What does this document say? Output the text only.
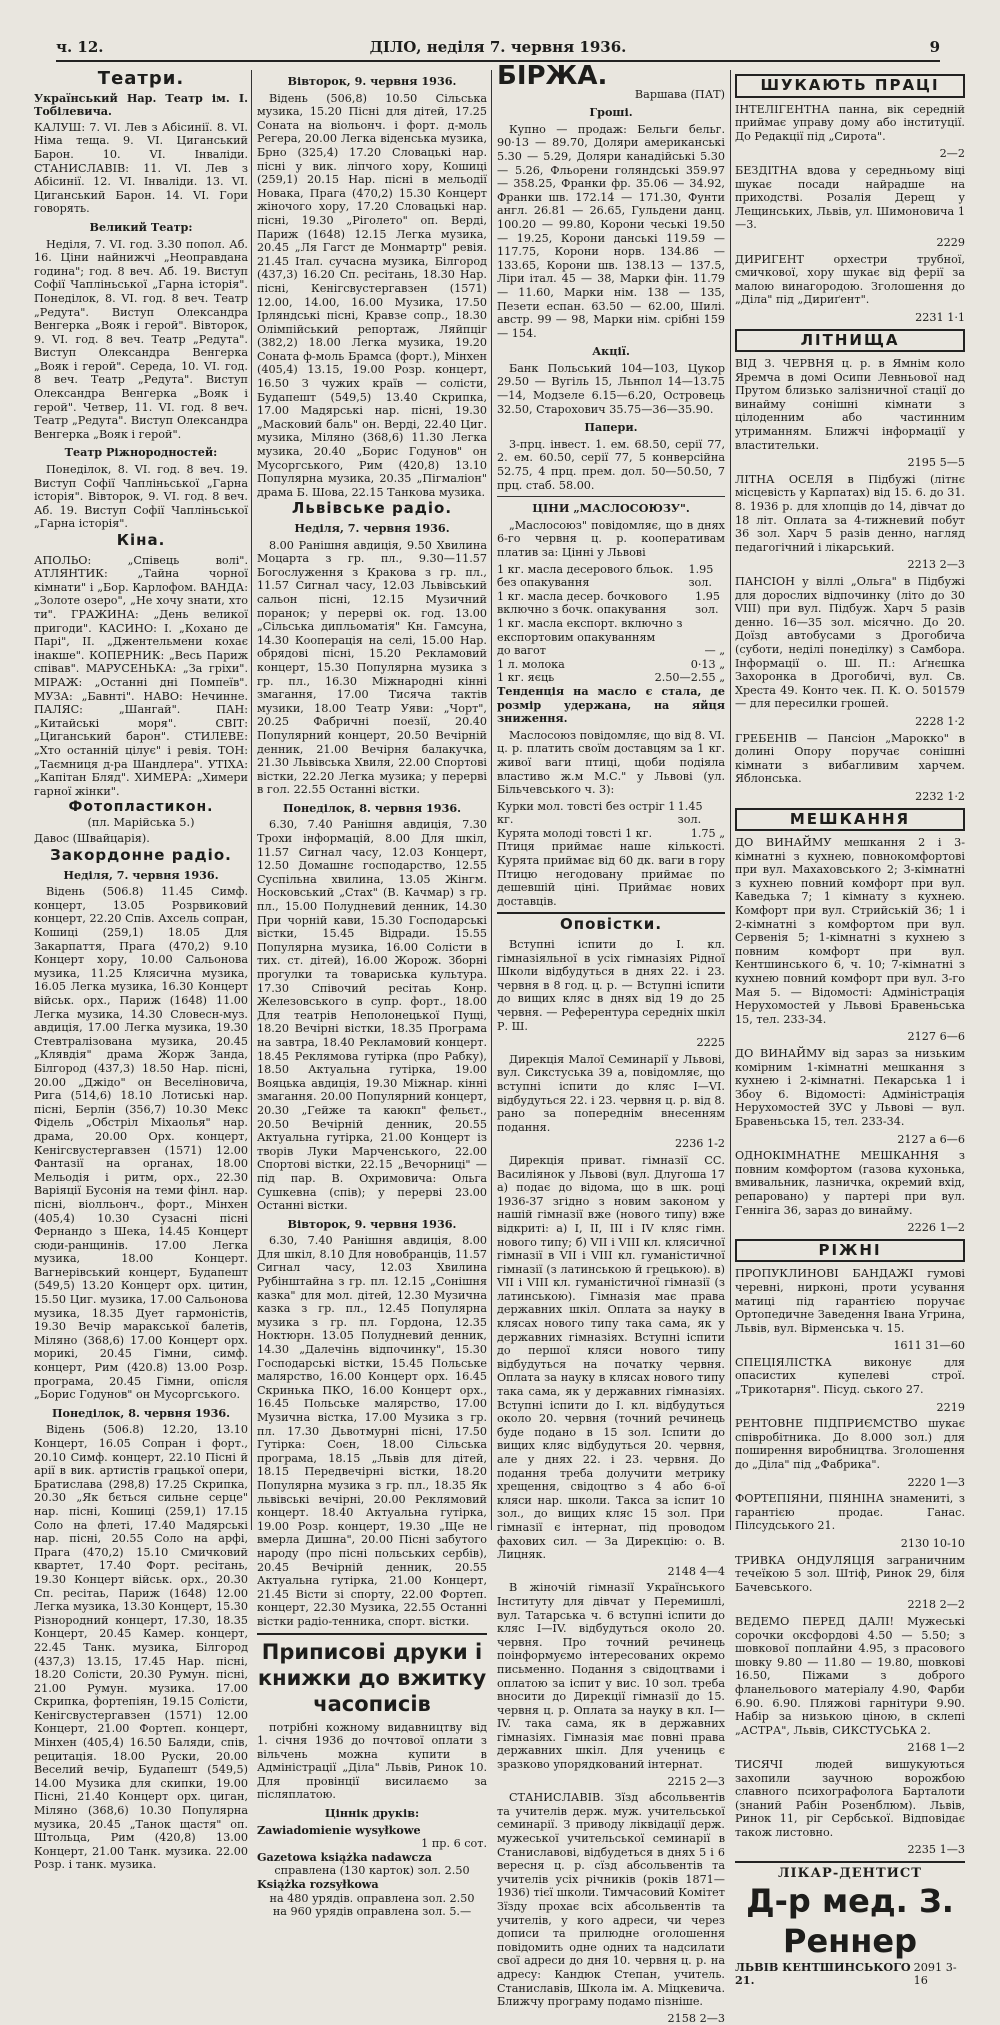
ч. 12.	ДІЛО, неділя 7. червня 1936.	9
Театри.

Український Нар. Театр ім. І. Тобілевича.

КАЛУШ: 7. VI. Лев з Абісинії. 8. VI. Німа теща. 9. VI. Циганський Барон. 10. VI. Інваліди. СТАНИСЛАВІВ: 11. VI. Лев з Абісинії. 12. VI. Інваліди. 13. VI. Циганський Барон. 14. VI. Гори говорять.

Великий Театр:

Неділя, 7. VI. год. 3.30 попол. Аб. 16. Ціни найнижчі „Неоправдана година"; год. 8 веч. Аб. 19. Виступ Софії Чапліньської „Гарна історія". Понеділок, 8. VI. год. 8 веч. Театр „Редута". Виступ Олександра Венгерка „Вояк і герой". Вівторок, 9. VI. год. 8 веч. Театр „Редута". Виступ Олександра Венгерка „Вояк і герой". Середа, 10. VI. год. 8 веч. Театр „Редута". Виступ Олександра Венгерка „Вояк і герой". Четвер, 11. VI. год. 8 веч. Театр „Редута". Виступ Олександра Венгерка „Вояк і герой".

Театр Ріжнородностей:

Понеділок, 8. VI. год. 8 веч. 19. Виступ Софії Чапліньської „Гарна історія". Вівторок, 9. VI. год. 8 веч. Аб. 19. Виступ Софії Чапліньської „Гарна історія".

Кіна.

АПОЛЬО: „Співець волі". АТЛЯНТИК: „Тайна чорної кімнати" і „Бор. Карлофом. ВАНДА: „Золоте озеро", „Не хочу знати, хто ти". ГРАЖИНА: „День великої пригоди". КАСИНО: І. „Кохано де Парі", II. „Джентельмени кохає інакше". КОПЕРНИК: „Весь Париж співав". МАРУСЕНЬКА: „За гріхи". МІРАЖ: „Останні дні Помпеїв". МУЗА: „Бавнті". НАВО: Нечинне. ПАЛЯС: „Шангай". ПАН: „Китайські моря". СВІТ: „Циганський барон". СТИЛЕВЕ: „Хто останній цілує" і ревія. ТОН: „Таємниця д-ра Шандлера". УТІХА: „Капітан Бляд". ХИМЕРА: „Химери гарної жінки".

Фотопластикон.

(пл. Марійська 5.)

Давос (Швайцарія).

Закордонне радіо.

Неділя, 7. червня 1936.

Відень (506.8) 11.45 Симф. концерт, 13.05 Розрвиковий концерт, 22.20 Спів. Ахсель сопран, Кошиці (259,1) 18.05 Для Закарпаття, Прага (470,2) 9.10 Концерт хору, 10.00 Сальонова музика, 11.25 Клясична музика, 16.05 Легка музика, 16.30 Концерт військ. орх., Париж (1648) 11.00 Легка музика, 14.30 Словесн-муз. авдиція, 17.00 Легка музика, 19.30 Стевтралізована музика, 20.45 „Клявдія" драма Жорж Занда, Білгород (437,3) 18.50 Нар. пісні, 20.00 „Джідо" он Веселіновича, Рига (514,6) 18.10 Лотиські нар. пісні, Берлін (356,7) 10.30 Мекс Фідель „Обстріл Міхаолья" нар. драма, 20.00 Орх. концерт, Кенігсвустергавзен (1571) 12.00 Фантазії на органах, 18.00 Мельодія і ритм, орх., 22.30 Варіяції Бусонія на теми фінл. нар. пісні, віолльонч., форт., Мінхен (405,4) 10.30 Сузасні пісні Фернандо з Шека, 14.45 Концерт сюди-ранщинів. 17.00 Легка музика, 18.00 Концерт. Вагнерівський концерт, Будапешт (549,5) 13.20 Концерт орх. цитин, 15.50 Циг. музика, 17.00 Сальонова музика, 18.35 Дует гармоністів, 19.30 Вечір маракської балетів, Міляно (368,6) 17.00 Концерт орх. морикі, 20.45 Гімни, симф. концерт, Рим (420.8) 13.00 Розр. програма, 20.45 Гімни, опісля „Борис Годунов" он Мусоргського.

Понеділок, 8. червня 1936.

Відень (506.8) 12.20, 13.10 Концерт, 16.05 Сопран і форт., 20.10 Симф. концерт, 22.10 Пісні й арії в вик. артистів грацької опери, Братислава (298,8) 17.25 Скрипка, 20.30 „Як бється сильне серце" нар. пісні, Кошиці (259,1) 17.15 Соло на флеті, 17.40 Мадярські нар. пісні, 20.55 Соло на арфі, Прага (470,2) 15.10 Смичковий квартет, 17.40 Форт. ресітань, 19.30 Концерт військ. орх., 20.30 Сп. ресітаь, Париж (1648) 12.00 Легка музика, 13.30 Концерт, 15.30 Різнородний концерт, 17.30, 18.35 Концерт, 20.45 Камер. концерт, 22.45 Танк. музика, Білгород (437,3) 13.15, 17.45 Нар. пісні, 18.20 Солісти, 20.30 Румун. пісні, 21.00 Румун. музика. 17.00 Скрипка, фортепіян, 19.15 Солісти, Кенігсвустергавзен (1571) 12.00 Концерт, 21.00 Фортеп. концерт, Мінхен (405,4) 16.50 Баляди, спів, рецитація. 18.00 Руски, 20.00 Веселий вечір, Будапешт (549,5) 14.00 Музика для скипки, 19.00 Пісні, 21.40 Концерт орх. циган, Міляно (368,6) 10.30 Популярна музика, 20.45 „Танок щастя" оп. Штольца, Рим (420,8) 13.00 Концерт, 21.00 Танк. музика. 22.00 Розр. і танк. музика.

Вівторок, 9. червня 1936.

Відень (506,8) 10.50 Сільська музика, 15.20 Пісні для дітей, 17.25 Соната на віольонч. і форт. д-моль Регера, 20.00 Легка віденська музика, Брно (325,4) 17.20 Словацькі нар. пісні у вик. ліпчого хору, Кошиці (259,1) 20.15 Нар. пісні в мельодії Новака, Прага (470,2) 15.30 Концерт жіночого хору, 17.20 Словацькі нар. пісні, 19.30 „Ріголето" оп. Верді, Париж (1648) 12.15 Легка музика, 20.45 „Ля Гагст де Монмартр" ревія. 21.45 Італ. сучасна музика, Білгород (437,3) 16.20 Сп. ресітань, 18.30 Нар. пісні, Кенігсвустергавзен (1571) 12.00, 14.00, 16.00 Музика, 17.50 Ірляндські пісні, Кравзе сопр., 18.30 Олімпійський репортаж, Ляйпціг (382,2) 18.00 Легка музика, 19.20 Соната ф-моль Брамса (форт.), Мінхен (405,4) 13.15, 19.00 Розр. концерт, 16.50 З чужих країв — солісти, Будапешт (549,5) 13.40 Скрипка, 17.00 Мадярські нар. пісні, 19.30 „Масковий баль" он. Верді, 22.40 Циг. музика, Міляно (368,6) 11.30 Легка музика, 20.40 „Борис Годунов" он Мусоргського, Рим (420,8) 13.10 Популярна музика, 20.35 „Пігмаліон" драма Б. Шова, 22.15 Танкова музика.

Львівське радіо.

Неділя, 7. червня 1936.

8.00 Ранішня авдиція, 9.50 Хвилина Моцарта з гр. пл., 9.30—11.57 Богослуження з Кракова з гр. пл., 11.57 Сигнал часу, 12.03 Львівський сальон пісні, 12.15 Музичний поранок; у перерві ок. год. 13.00 „Сільська дипльоматія" Кн. Гамсуна, 14.30 Кооперація на селі, 15.00 Нар. обрядові пісні, 15.20 Рекламовий концерт, 15.30 Популярна музика з гр. пл., 16.30 Міжнародні кінні змагання, 17.00 Тисяча тактів музики, 18.00 Театр Уяви: „Чорт", 20.25 Фабричні поезії, 20.40 Популярний концерт, 20.50 Вечірній денник, 21.00 Вечірня балакучка, 21.30 Львівська Хвиля, 22.00 Спортові вістки, 22.20 Легка музика; у перерві в гол. 22.55 Останні вістки.

Понеділок, 8. червня 1936.

6.30, 7.40 Ранішня авдиція, 7.30 Трохи інформацій, 8.00 Для шкіл, 11.57 Сигнал часу, 12.03 Концерт, 12.50 Домашнє господарство, 12.55 Суспільна хвилина, 13.05 Жінгм. Носковський „Стах" (В. Качмар) з гр. пл., 15.00 Полудневий денник, 14.30 При чорній кави, 15.30 Господарські вістки, 15.45 Відради. 15.55 Популярна музика, 16.00 Солісти в тих. ст. дітей), 16.00 Жорож. Зборні прогулки та товариська культура. 17.30 Співочий ресітаь Конр. Железовського в супр. форт., 18.00 Для театрів Неполонецької Пущі, 18.20 Вечірні вістки, 18.35 Програма на завтра, 18.40 Рекламовий концерт. 18.45 Реклямова гутірка (про Рабку), 18.50 Актуальна гутірка, 19.00 Вояцька авдиція, 19.30 Міжнар. кінні змагання. 20.00 Популярний концерт, 20.30 „Гейже та каюкп" фельєт., 20.50 Вечірній денник, 20.55 Актуальна гутірка, 21.00 Концерт із творів Луки Марченського, 22.00 Спортові вістки, 22.15 „Вечорниці" — під пар. В. Охримовича: Ольга Сушкевна (спів); у перерві 23.00 Останні вістки.

Вівторок, 9. червня 1936.

6.30, 7.40 Ранішня авдиція, 8.00 Для шкіл, 8.10 Для новобранців, 11.57 Сигнал часу, 12.03 Хвилина Рубінштайна з гр. пл. 12.15 „Сонішня казка" для мол. дітей, 12.30 Музична казка з гр. пл., 12.45 Популярна музика з гр. пл. Гордона, 12.35 Ноктюрн. 13.05 Полудневий денник, 14.30 „Далечінь відпочинку", 15.30 Господарські вістки, 15.45 Польське малярство, 16.00 Концерт орх. 16.45 Скринька ПКО, 16.00 Концерт орх., 16.45 Польське малярство, 17.00 Музична вістка, 17.00 Музика з гр. пл. 17.30 Дьвотмурні пісні, 17.50 Гутірка: Соєн, 18.00 Сільська програма, 18.15 „Львів для дітей, 18.15 Передвечірні вістки, 18.20 Популярна музика з гр. пл., 18.35 Як львівські вечірні, 20.00 Реклямовий концерт. 18.40 Актуальна гутірка, 19.00 Розр. концерт, 19.30 „Ще не вмерла Дишна", 20.00 Пісні забутого народу (про пісні польських сербів), 20.45 Вечірній денник, 20.55 Актуальна гутірка, 21.00 Концерт, 21.45 Вісти зі спорту, 22.00 Фортеп. концерт, 22.30 Музика, 22.55 Останні вістки радіо-тенника, спорт. вістки.

Приписові друки і книжки до вжитку часописів

потрібні кожному видавництву від 1. січня 1936 до почтової оплати з вільчень можна купити в Адміністрації „Діла" Львів, Ринок 10. Для провінції висилаємо за післяплатою.

Ціннік друків:

Zawiadomienie wysyłkowe
1 пр. 6 сот.
Gazetowa książka nadawcza
справлена (130 карток) зол. 2.50
Książka rozsyłkowa
на 480 урядів. оправлена зол. 2.50
на 960 урядів оправлена зол. 5.—
БІРЖА.

Варшава (ПАТ)

Гроші.

Купно — продаж: Бельги бельг. 90·13 — 89.70, Доляри американські 5.30 — 5.29, Доляри канадійські 5.30 — 5.26, Фльорени голяндські 359.97 — 358.25, Франки фр. 35.06 — 34.92, Франки шв. 172.14 — 171.30, Фунти англ. 26.81 — 26.65, Гульдени данц. 100.20 — 99.80, Корони чеські 19.50 — 19.25, Корони данські 119.59 — 117.75, Корони норв. 134.86 — 133.65, Корони шв. 138.13 — 137.5, Ліри італ. 45 — 38, Марки фін. 11.79 — 11.60, Марки нім. 138 — 135, Пезети еспан. 63.50 — 62.00, Шилі. австр. 99 — 98, Марки нім. срібні 159 — 154.

Акції.

Банк Польський 104—103, Цукор 29.50 — Вугіль 15, Льнпол 14—13.75—14, Модзеле 6.15—6.20, Островець 32.50, Старохович 35.75—36—35.90.

Папери.

3-прц. інвест. 1. ем. 68.50, серії 77, 2. ем. 60.50, серії 77, 5 конверсійна 52.75, 4 прц. прем. дол. 50—50.50, 7 прц. стаб. 58.00.

ЦІНИ „МАСЛОСОЮЗУ".

„Маслосоюз" повідомляє, що в днях 6-го червня ц. р. кооперативам платив за: Цінні у Львові

1 кг. масла десерового бльок. без опакування
1.95 зол.
1 кг. масла десер. бочкового включно з бочк. опакування
1.95 зол.
1 кг. масла експорт. включно з експортовим опакуванням
до вагот	— „
1 л. молока	0·13 „
1 кг. яєць	2.50—2.55 „

Тенденція на масло є стала, де розмір удержана, на яйця зниження.

Маслосоюз повідомляє, що від 8. VI. ц. р. платить своїм доставцям за 1 кг. живої ваги птиці, щоби подіяла властиво ж.м М.С." у Львові (ул. Більчевського ч. 3):

Курки мол. товсті без остріг 1 кг.
1.45 зол.
Курята молоді товсті 1 кг.	1.75 „

Птиця приймає наше кількості. Курята приймає від 60 дк. ваги в гору Птицю негодовану приймає по дешевшій ціні. Приймає нових доставців.

Оповістки.

Вступні іспити до І. кл. гімназіяльної в усіх гімназіях Рідної Школи відбудуться в днях 22. і 23. червня в 8 год. ц. р. — Вступні іспити до вищих кляс в днях від 19 до 25 червня. — Референтура середніх шкіл Р. Ш.

2225

Дирекція Малої Семинарії у Львові, вул. Сикстуська 39 а, повідомляє, що вступні іспити до кляс І—VI. відбудуться 22. і 23. червня ц. р. від 8. рано за попереднім внесенням подання.

2236 1-2

Дирекція приват. гімназії СС. Василіянок у Львові (вул. Длугоша 17 а) подає до відома, що в шк. році 1936-37 згідно з новим законом у нашій гімназії вже (нового типу) вже відкриті: а) І, II, III і IV кляс гімн. нового типу; б) VII і VIII кл. клясичної гімназії в VII і VIII кл. гуманістичної гімназії (з латинською й грецькою). в) VII і VIII кл. гуманістичної гімназії (з латинською). Гімназія має права державних шкіл. Оплата за науку в клясах нового типу така сама, як у державних гімназіях. Вступні іспити до першої кляси нового типу відбудуться на початку червня. Оплата за науку в клясах нового типу така сама, як у державних гімназіях. Вступні іспити до І. кл. відбудуться около 20. червня (точний речинець буде подано в 15 зол. Іспити до вищих кляс відбудуться 20. червня, але у днях 22. і 23. червня. До подання треба долучити метрику хрещення, свідоцтво з 4 або 6-ої кляси нар. школи. Такса за іспит 10 зол., до вищих кляс 15 зол. При гімназії є інтернат, під проводом фахових сил. — За Дирекцію: о. В. Лицняк.

2148 4—4

В жіночій гімназії Українського Інституту для дівчат у Перемишлі, вул. Татарська ч. 6 вступні іспити до кляс І—IV. відбудуться около 20. червня. Про точний речинець поінформуємо інтересованих окремо письменно. Подання з свідоцтвами і оплатою за іспит у вис. 10 зол. треба вносити до Дирекції гімназії до 15. червня ц. р. Оплата за науку в кл. І—IV. така сама, як в державних гімназіях. Гімназія має повні права державних шкіл. Для учениць є зразково упорядкований інтернат.

2215 2—3

СТАНИСЛАВІВ. Зїзд абсольвентів та учителів держ. муж. учительської семинарії. З приводу ліквідації держ. мужеської учительської семинарії в Станиславові, відбудеться в днях 5 і 6 вересня ц. р. сїзд абсольвентів та учителів усіх річників (років 1871—1936) тієї школи. Тимчасовий Комітет Зїзду прохає всіх абсольвентів та учителів, у кого адреси, чи через дописи та прилюдне оголошення повідомить одне одних та надсилати свої адреси до дня 10. червня ц. р. на адресу: Кандюк Степан, учитель. Станиславів, Школа ім. А. Міцкевича. Ближчу програму подамо пізніше.

2158 2—3

ШУКАЮТЬ ПРАЦІ

ІНТЕЛІГЕНТНА панна, вік середній приймає управу дому або інституції. До Редакції під „Сирота".

2—2

БЕЗДІТНА вдова у середньому віці шукає посади найрадше на приходстві. Розалія Дерещ у Лещинських, Львів, ул. Шимоновича 1—3.

2229

ДИРИГЕНТ орхестри трубної, смичкової, хору шукає від ферії за малою винагородою. Зголошення до „Діла" під „Дириґент".

2231 1·1

ЛІТНИЩА

ВІД 3. ЧЕРВНЯ ц. р. в Ямнім коло Яремча в домі Осипи Левньової над Прутом близько залізничної стації до винайму сонішні кімнати з цілоденним або частинним утриманням. Ближчі інформації у властительки.

2195 5—5

ЛІТНА ОСЕЛЯ в Підбужі (літнє місцевість у Карпатах) від 15. 6. до 31. 8. 1936 р. для хлопців до 14, дівчат до 18 літ. Оплата за 4-тижневий побут 36 зол. Харч 5 разів денно, нагляд педагогічний і лікарський.

2213 2—3

ПАНСІОН у віллі „Ольга" в Підбужі для дорослих відпочинку (літо до 30 VIII) при вул. Підбуж. Харч 5 разів денно. 16—35 зол. місячно. До 20. Доїзд автобусами з Дрогобича (суботи, неділі понеділку) з Самбора. Інформації о. Ш. П.: Аґнєшка Захоронка в Дрогобичі, вул. Св. Хреста 49. Конто чек. П. К. О. 501579 — для пересилки грошей.

2228 1·2

ГРЕБЕНІВ — Пансіон „Марокко" в долині Опору поручає сонішні кімнати з вибагливим харчем. Яблонська.

2232 1·2

МЕШКАННЯ

ДО ВИНАЙМУ мешкання 2 і 3-кімнатні з кухнею, повнокомфортові при вул. Махаховського 2; 3-кімнатні з кухнею повний комфорт при вул. Каведька 7; 1 кімнату з кухнею. Комфорт при вул. Стрийській 36; 1 і 2-кімнатні з комфортом при вул. Сервенія 5; 1-кімнатні з кухнею з повним комфорт при вул. Кентшинського 6, ч. 10; 7-кімнатні з кухнею повний комфорт при вул. 3-го Мая 5. — Відомості: Адміністрація Нерухомостей у Львові Бравеньська 15, тел. 233-34.

2127 6—6

ДО ВИНАЙМУ від зараз за низьким комірним 1-кімнатні мешкання з кухнею і 2-кімнатні. Пекарська 1 і Збоу 6. Відомості: Адміністрація Нерухомостей ЗУС у Львові — вул. Бравеньська 15, тел. 233-34.

2127 а 6—6

ОДНОКІМНАТНЕ МЕШКАННЯ з повним комфортом (газова кухонька, вмивальник, лазничка, окремий вхід, репаровано) у партері при вул. Генніга 36, зараз до винайму.

2226 1—2

РІЖНІ

ПРОПУКЛИНОВІ БАНДАЖІ гумові черевні, нирконі, проти усування матиці під гарантією поручає Ортопедичне Заведення Івана Угрина, Львів, вул. Вірменська ч. 15.

1611 31—60

СПЕЦІЯЛІСТКА виконує для опасистих купелеві строї. „Трикотарня". Пісуд. ського 27.

2219

РЕНТОВНЕ ПІДПРИЄМСТВО шукає співробітника. До 8.000 зол.) для поширення виробництва. Зголошення до „Діла" під „Фабрика".

2220 1—3

ФОРТЕПІЯНИ, ПІЯНІНА знамениті, з гарантією продає. Ганас. Пілсудського 21.

2130 10-10

ТРИВКА ОНДУЛЯЦІЯ заграничним течеїкою 5 зол. Штіф, Ринок 29, біля Бачевського.

2218 2—2

ВЕДЕМО ПЕРЕД ДАЛІ! Мужеські сорочки оксфордові 4.50 — 5.50; з шовкової поплайни 4.95, з прасового шовку 9.80 — 11.80 — 19.80, шовкові 16.50, Піжами з доброго фланельового матеріалу 4.90, Фарби 6.90. 6.90. Пляжові гарнітури 9.90. Набір за низькою ціною, в склепі „АСТРА", Львів, СИКСТУСЬКА 2.

2168 1—2

ТИСЯЧІ людей вишукуються захопили заучною ворожбою славного психографолога Барталоти (знаний Рабін Розенблюм). Львів, Ринок 11, ріг Сербської. Відповідає також листовно.

2235 1—3

ЛІКАР-ДЕНТИСТ
Д-р мед. З. Реннер
ЛЬВІВ КЕНТШИНСЬКОГО 21.
2091 3-16
